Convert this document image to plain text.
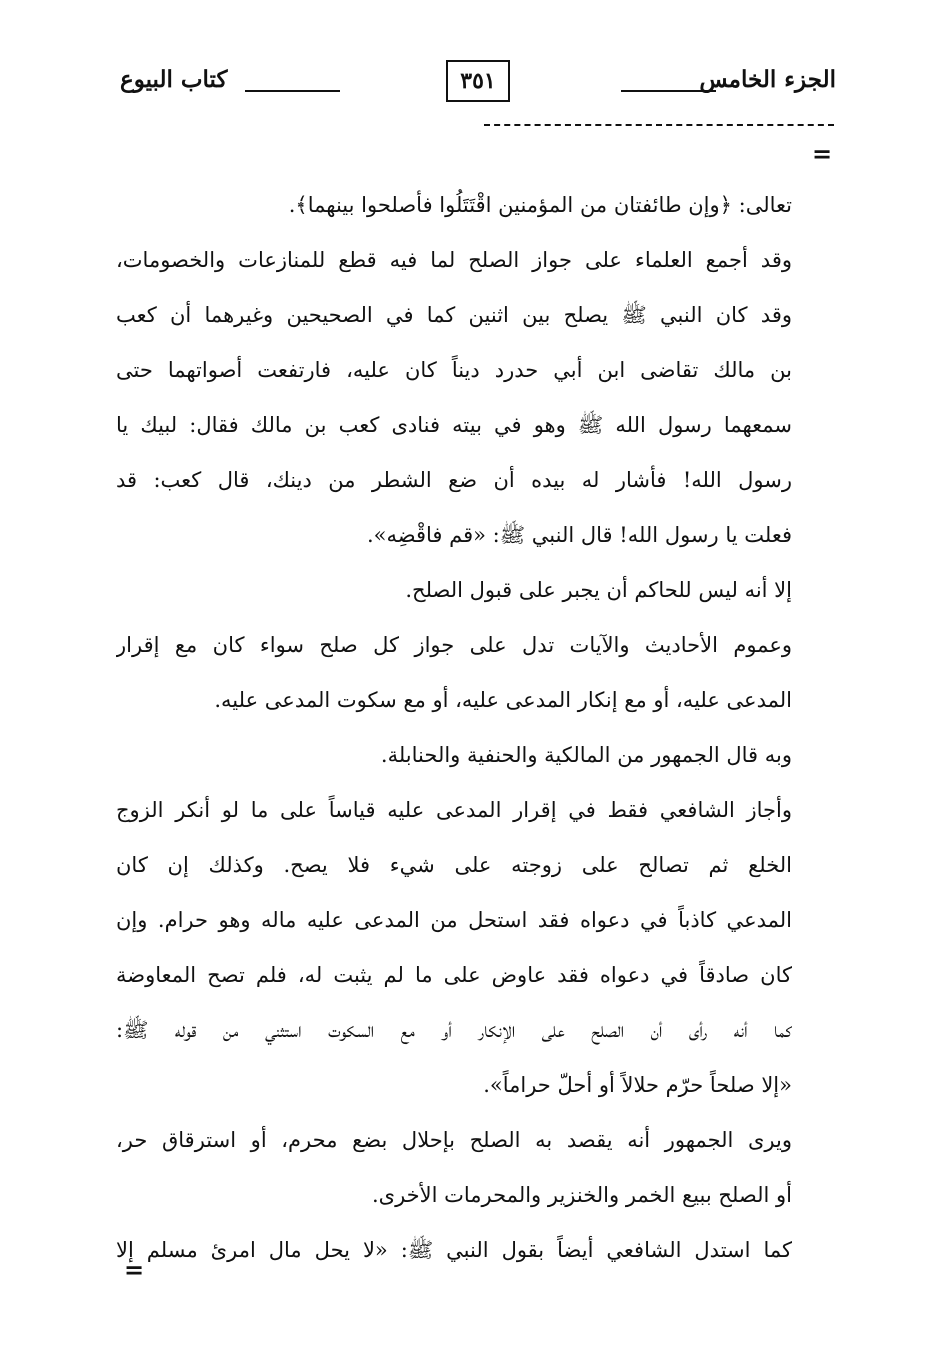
الجزء الخامس
٣٥١
كتاب البيوع
=
تعالى: ﴿وإن طائفتان من المؤمنين اقْتَتَلُوا فأصلحوا بينهما﴾.
وقد أجمع العلماء على جواز الصلح لما فيه قطع للمنازعات والخصومات،
وقد كان النبي ﷺ يصلح بين اثنين كما في الصحيحين وغيرهما أن كعب
بن مالك تقاضى ابن أبي حدرد ديناً كان عليه، فارتفعت أصواتهما حتى
سمعهما رسول الله ﷺ وهو في بيته فنادى كعب بن مالك فقال: لبيك يا
رسول الله! فأشار له بيده أن ضع الشطر من دينك، قال كعب: قد
فعلت يا رسول الله! قال النبي ﷺ: «قم فاقْضِه».
إلا أنه ليس للحاكم أن يجبر على قبول الصلح.
وعموم الأحاديث والآيات تدل على جواز كل صلح سواء كان مع إقرار
المدعى عليه، أو مع إنكار المدعى عليه، أو مع سكوت المدعى عليه.
وبه قال الجمهور من المالكية والحنفية والحنابلة.
وأجاز الشافعي فقط في إقرار المدعى عليه قياساً على ما لو أنكر الزوج
الخلع ثم تصالح على زوجته على شيء فلا يصح. وكذلك إن كان
المدعي كاذباً في دعواه فقد استحل من المدعى عليه ماله وهو حرام. وإن
كان صادقاً في دعواه فقد عاوض على ما لم يثبت له، فلم تصح المعاوضة
كما أنه رأى أن الصلح على الإنكار أو مع السكوت استثني من قوله ﷺ:
«إلا صلحاً حرّم حلالاً أو أحلّ حراماً».
ويرى الجمهور أنه يقصد به الصلح بإحلال بضع محرم، أو استرقاق حر،
أو الصلح ببيع الخمر والخنزير والمحرمات الأخرى.
كما استدل الشافعي أيضاً بقول النبي ﷺ: «لا يحل مال امرئ مسلم إلا
=
